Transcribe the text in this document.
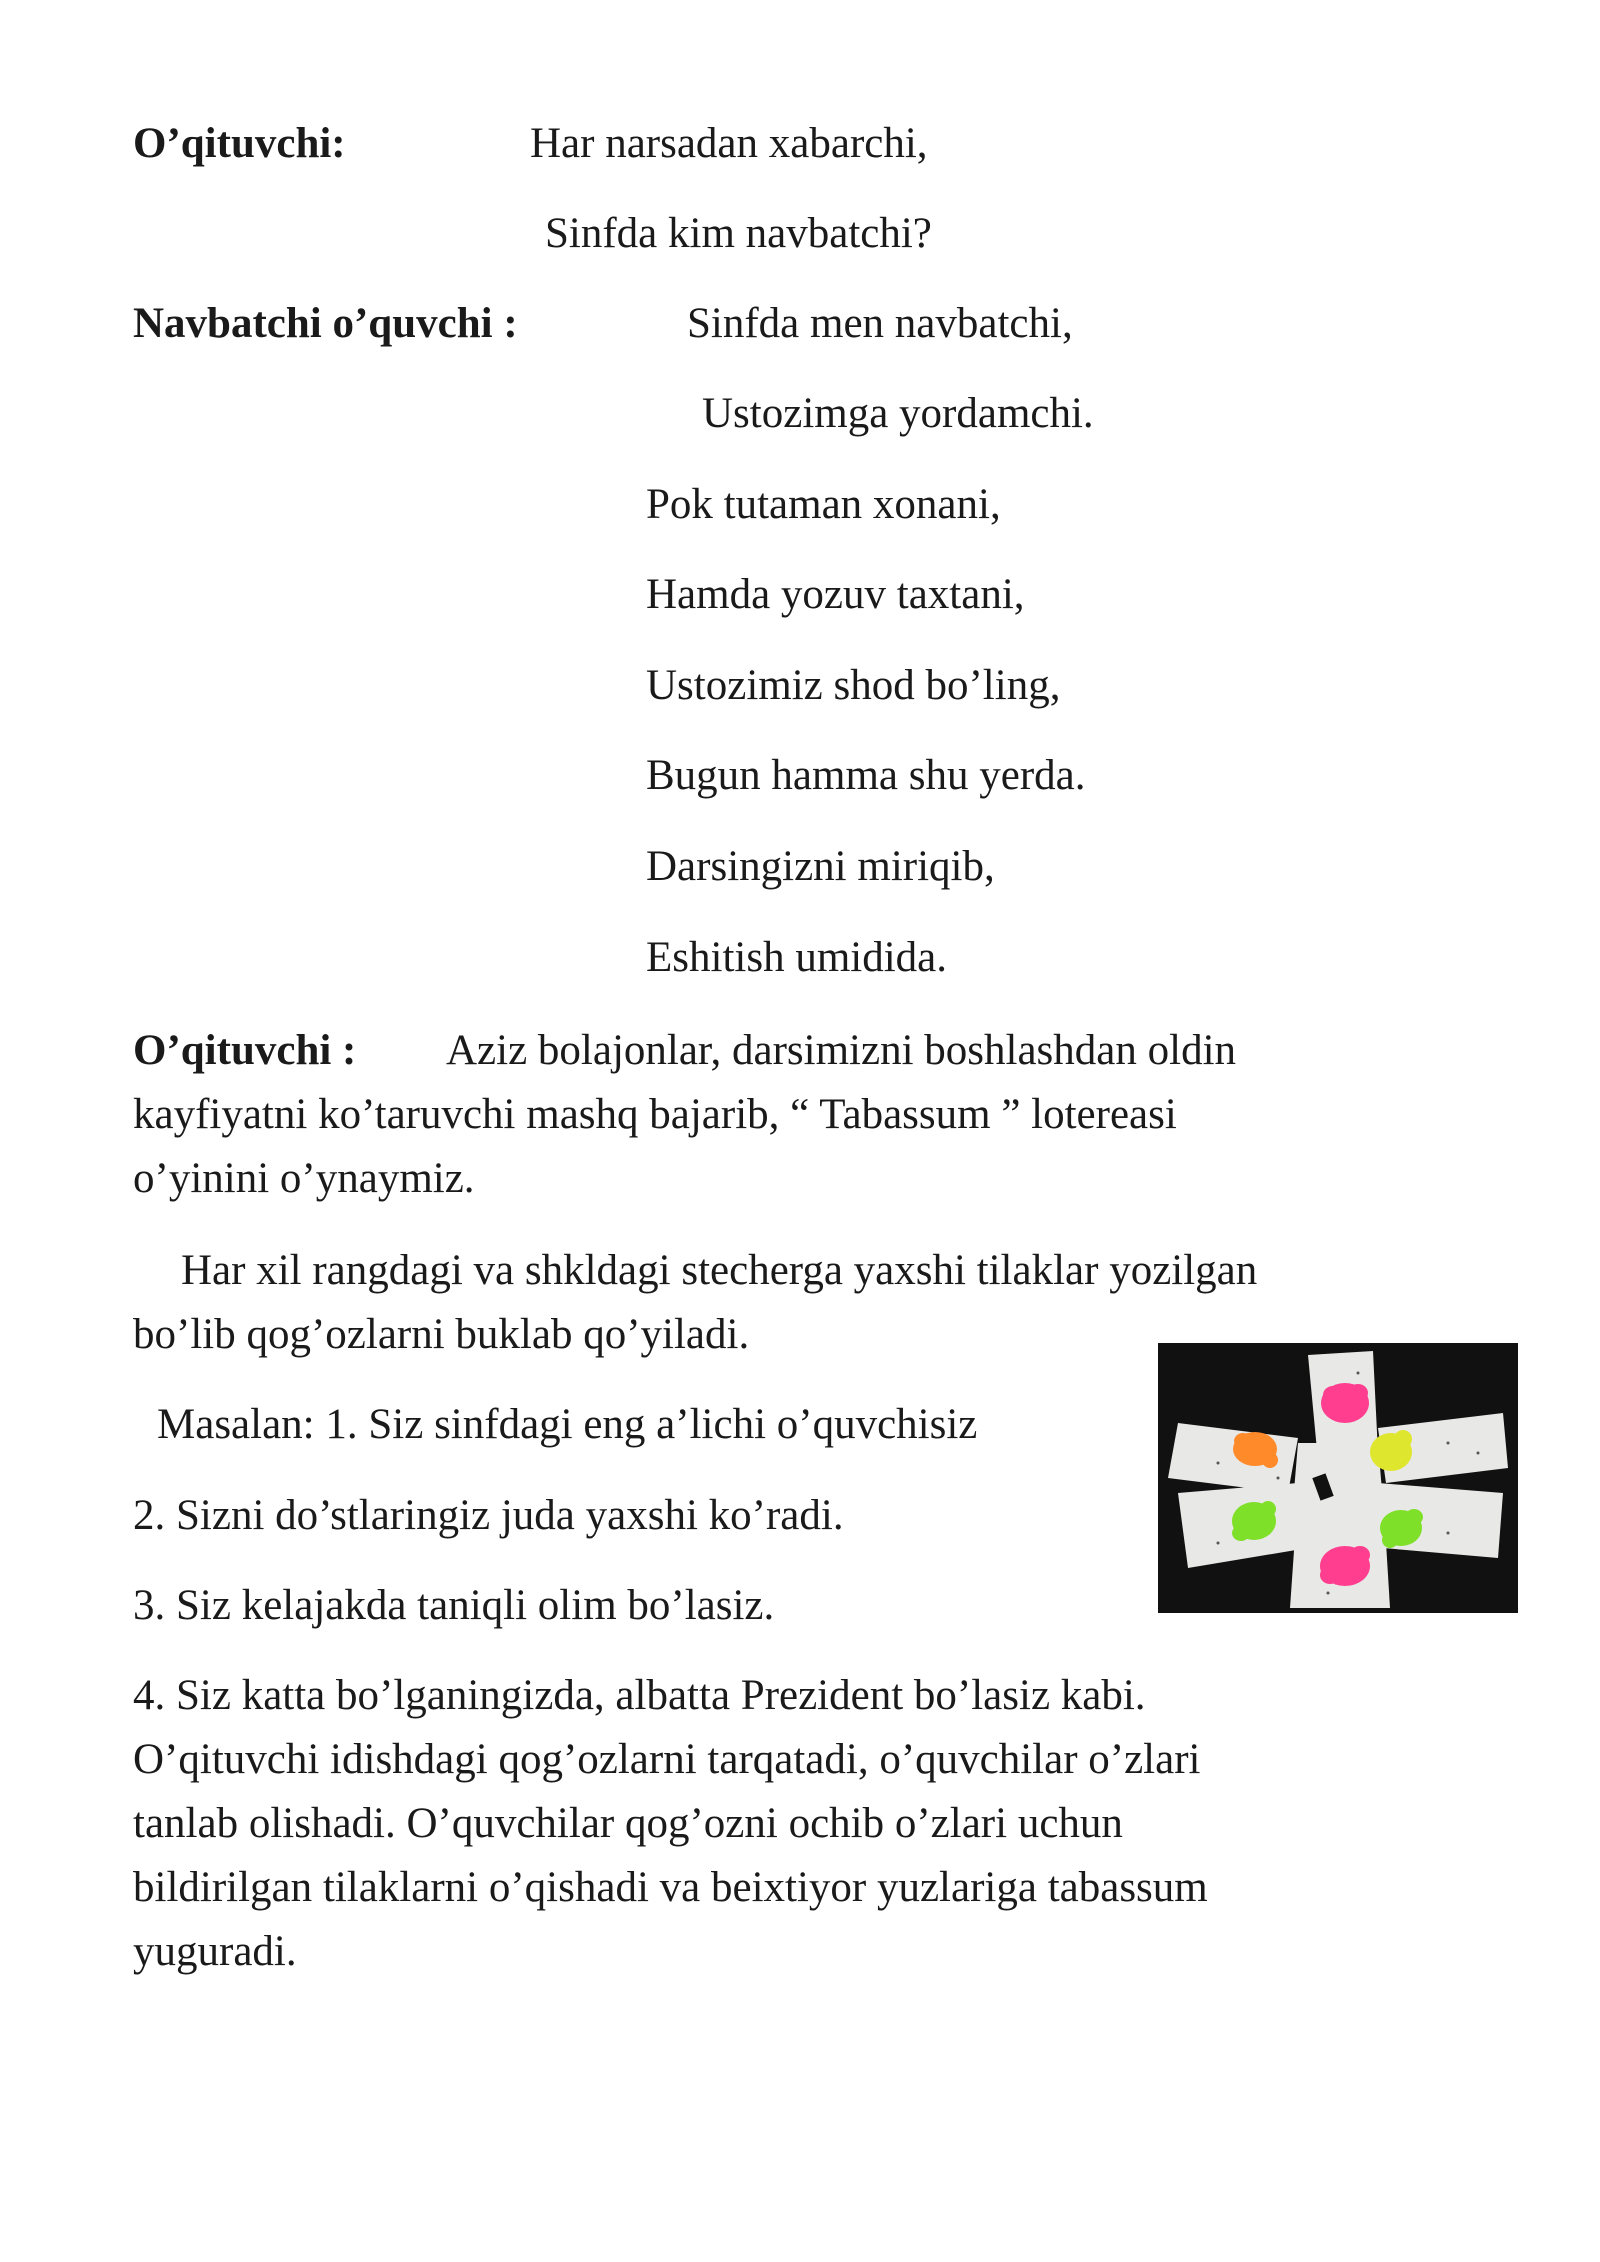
O’qituvchi:	Har narsadan xabarchi,
Sinfda kim navbatchi?
Navbatchi o’quvchi :	Sinfda men navbatchi,
Ustozimga yordamchi.
Pok tutaman xonani,
Hamda yozuv taxtani,
Ustozimiz shod bo’ling,
Bugun hamma shu yerda.
Darsingizni miriqib,
Eshitish umidida.
O’qituvchi : Aziz bolajonlar, darsimizni boshlashdan oldin
kayfiyatni ko’taruvchi mashq bajarib, “ Tabassum ” lotereasi
o’yinini o’ynaymiz.
Har xil rangdagi va shkldagi stecherga yaxshi tilaklar yozilgan
bo’lib qog’ozlarni buklab qo’yiladi.
Masalan: 1. Siz sinfdagi eng a’lichi o’quvchisiz
2. Sizni do’stlaringiz juda yaxshi ko’radi.
3. Siz kelajakda taniqli olim bo’lasiz.
4. Siz katta bo’lganingizda, albatta Prezident bo’lasiz kabi.
O’qituvchi idishdagi qog’ozlarni tarqatadi, o’quvchilar o’zlari
tanlab olishadi. O’quvchilar qog’ozni ochib o’zlari uchun
bildirilgan tilaklarni o’qishadi va beixtiyor yuzlariga tabassum
yuguradi.
